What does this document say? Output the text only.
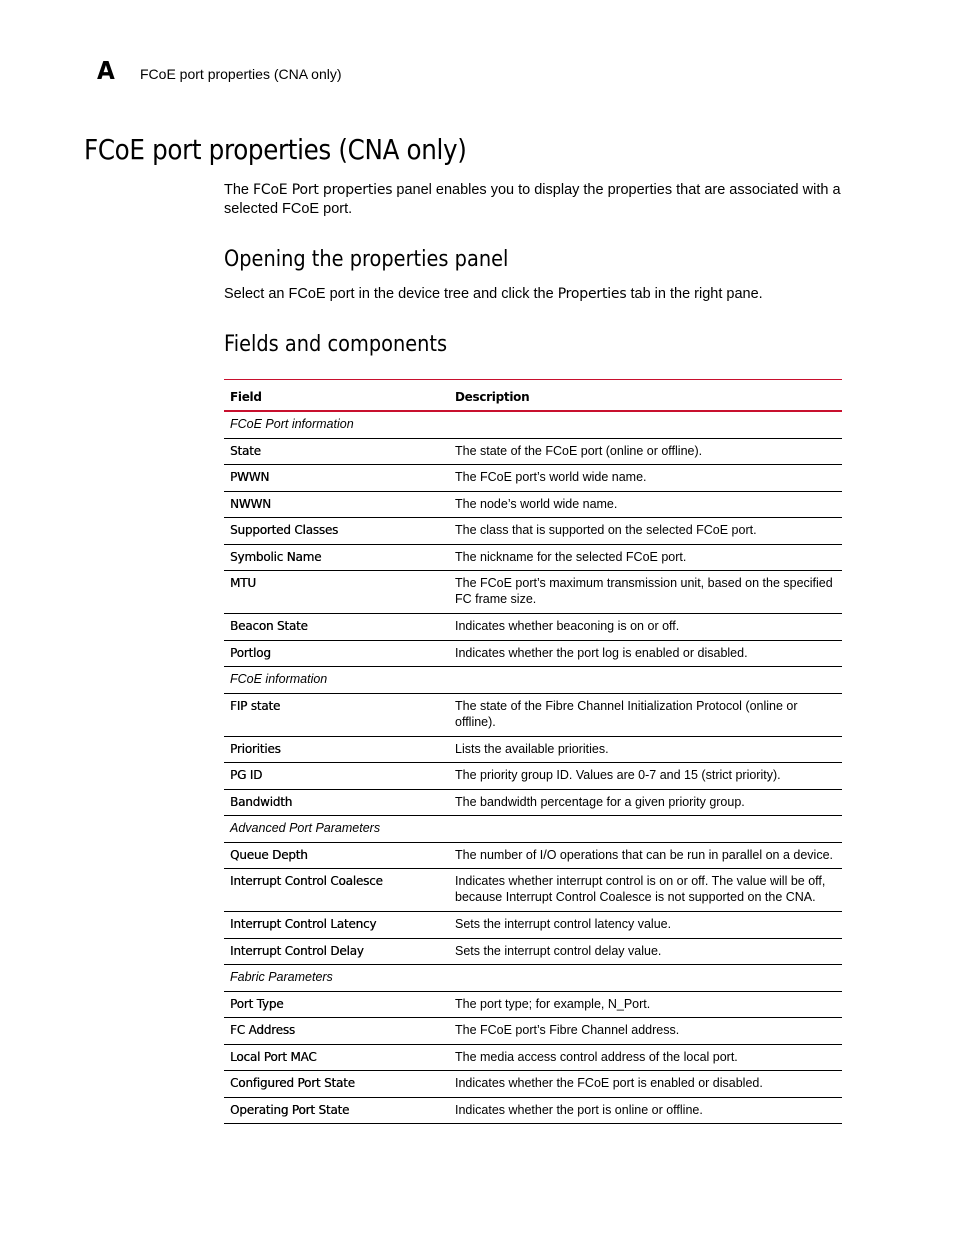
A FCoE port properties (CNA only)
FCoE port properties (CNA only)

The FCoE Port properties panel enables you to display the properties that are associated with a selected FCoE port.

Opening the properties panel

Select an FCoE port in the device tree and click the Properties tab in the right pane.

Fields and components
Field	Description
FCoE Port information	
State	The state of the FCoE port (online or offline).
PWWN	The FCoE port’s world wide name.
NWWN	The node’s world wide name.
Supported Classes	The class that is supported on the selected FCoE port.
Symbolic Name	The nickname for the selected FCoE port.
MTU	The FCoE port’s maximum transmission unit, based on the specified FC frame size.
Beacon State	Indicates whether beaconing is on or off.
Portlog	Indicates whether the port log is enabled or disabled.
FCoE information	
FIP state	The state of the Fibre Channel Initialization Protocol (online or offline).
Priorities	Lists the available priorities.
PG ID	The priority group ID. Values are 0-7 and 15 (strict priority).
Bandwidth	The bandwidth percentage for a given priority group.
Advanced Port Parameters	
Queue Depth	The number of I/O operations that can be run in parallel on a device.
Interrupt Control Coalesce	Indicates whether interrupt control is on or off. The value will be off, because Interrupt Control Coalesce is not supported on the CNA.
Interrupt Control Latency	Sets the interrupt control latency value.
Interrupt Control Delay	Sets the interrupt control delay value.
Fabric Parameters	
Port Type	The port type; for example, N_Port.
FC Address	The FCoE port’s Fibre Channel address.
Local Port MAC	The media access control address of the local port.
Configured Port State	Indicates whether the FCoE port is enabled or disabled.
Operating Port State	Indicates whether the port is online or offline.
